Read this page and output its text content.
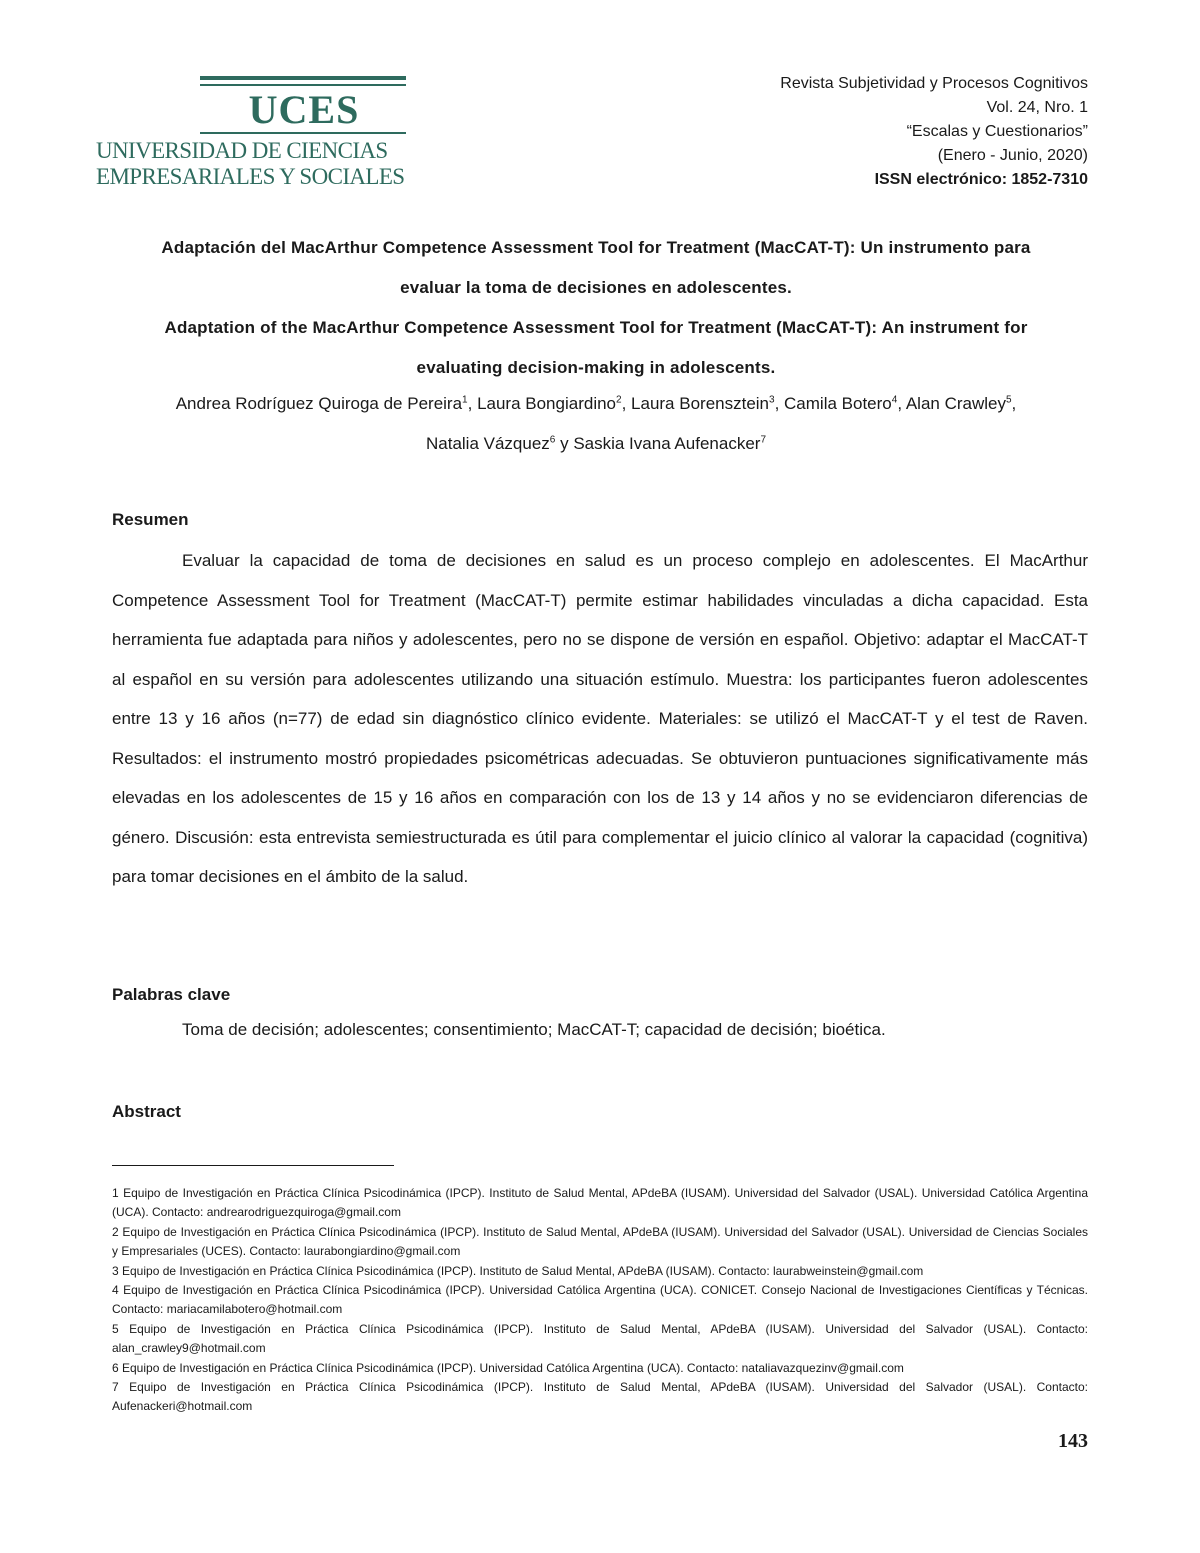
UCES
UNIVERSIDAD DE CIENCIAS
EMPRESARIALES Y SOCIALES
Revista Subjetividad y Procesos Cognitivos
Vol. 24, Nro. 1
“Escalas y Cuestionarios”
(Enero - Junio, 2020)
ISSN electrónico: 1852-7310
Adaptación del MacArthur Competence Assessment Tool for Treatment (MacCAT-T): Un instrumento para
evaluar la toma de decisiones en adolescentes.
Adaptation of the MacArthur Competence Assessment Tool for Treatment (MacCAT-T): An instrument for
evaluating decision-making in adolescents.
Andrea Rodríguez Quiroga de Pereira$^1$, Laura Bongiardino$^2$, Laura Borensztein$^3$, Camila Botero$^4$, Alan Crawley$^5$,
Natalia Vázquez$^6$ y Saskia Ivana Aufenacker$^7$
Resumen
Evaluar la capacidad de toma de decisiones en salud es un proceso complejo en adolescentes. El MacArthur Competence Assessment Tool for Treatment (MacCAT-T) permite estimar habilidades vinculadas a dicha capacidad. Esta herramienta fue adaptada para niños y adolescentes, pero no se dispone de versión en español. Objetivo: adaptar el MacCAT-T al español en su versión para adolescentes utilizando una situación estímulo. Muestra: los participantes fueron adolescentes entre 13 y 16 años (n=77) de edad sin diagnóstico clínico evidente. Materiales: se utilizó el MacCAT-T y el test de Raven. Resultados: el instrumento mostró propiedades psicométricas adecuadas. Se obtuvieron puntuaciones significativamente más elevadas en los adolescentes de 15 y 16 años en comparación con los de 13 y 14 años y no se evidenciaron diferencias de género. Discusión: esta entrevista semiestructurada es útil para complementar el juicio clínico al valorar la capacidad (cognitiva) para tomar decisiones en el ámbito de la salud.
Palabras clave
Toma de decisión; adolescentes; consentimiento; MacCAT-T; capacidad de decisión; bioética.
Abstract

1 Equipo de Investigación en Práctica Clínica Psicodinámica (IPCP). Instituto de Salud Mental, APdeBA (IUSAM). Universidad del Salvador (USAL). Universidad Católica Argentina (UCA). Contacto: andrearodriguezquiroga@gmail.com

2 Equipo de Investigación en Práctica Clínica Psicodinámica (IPCP). Instituto de Salud Mental, APdeBA (IUSAM). Universidad del Salvador (USAL). Universidad de Ciencias Sociales y Empresariales (UCES). Contacto: laurabongiardino@gmail.com

3 Equipo de Investigación en Práctica Clínica Psicodinámica (IPCP). Instituto de Salud Mental, APdeBA (IUSAM). Contacto: laurabweinstein@gmail.com

4 Equipo de Investigación en Práctica Clínica Psicodinámica (IPCP). Universidad Católica Argentina (UCA). CONICET. Consejo Nacional de Investigaciones Científicas y Técnicas. Contacto: mariacamilabotero@hotmail.com

5 Equipo de Investigación en Práctica Clínica Psicodinámica (IPCP). Instituto de Salud Mental, APdeBA (IUSAM). Universidad del Salvador (USAL). Contacto: alan_crawley9@hotmail.com

6 Equipo de Investigación en Práctica Clínica Psicodinámica (IPCP). Universidad Católica Argentina (UCA). Contacto: nataliavazquezinv@gmail.com

7 Equipo de Investigación en Práctica Clínica Psicodinámica (IPCP). Instituto de Salud Mental, APdeBA (IUSAM). Universidad del Salvador (USAL). Contacto: Aufenackeri@hotmail.com

143
